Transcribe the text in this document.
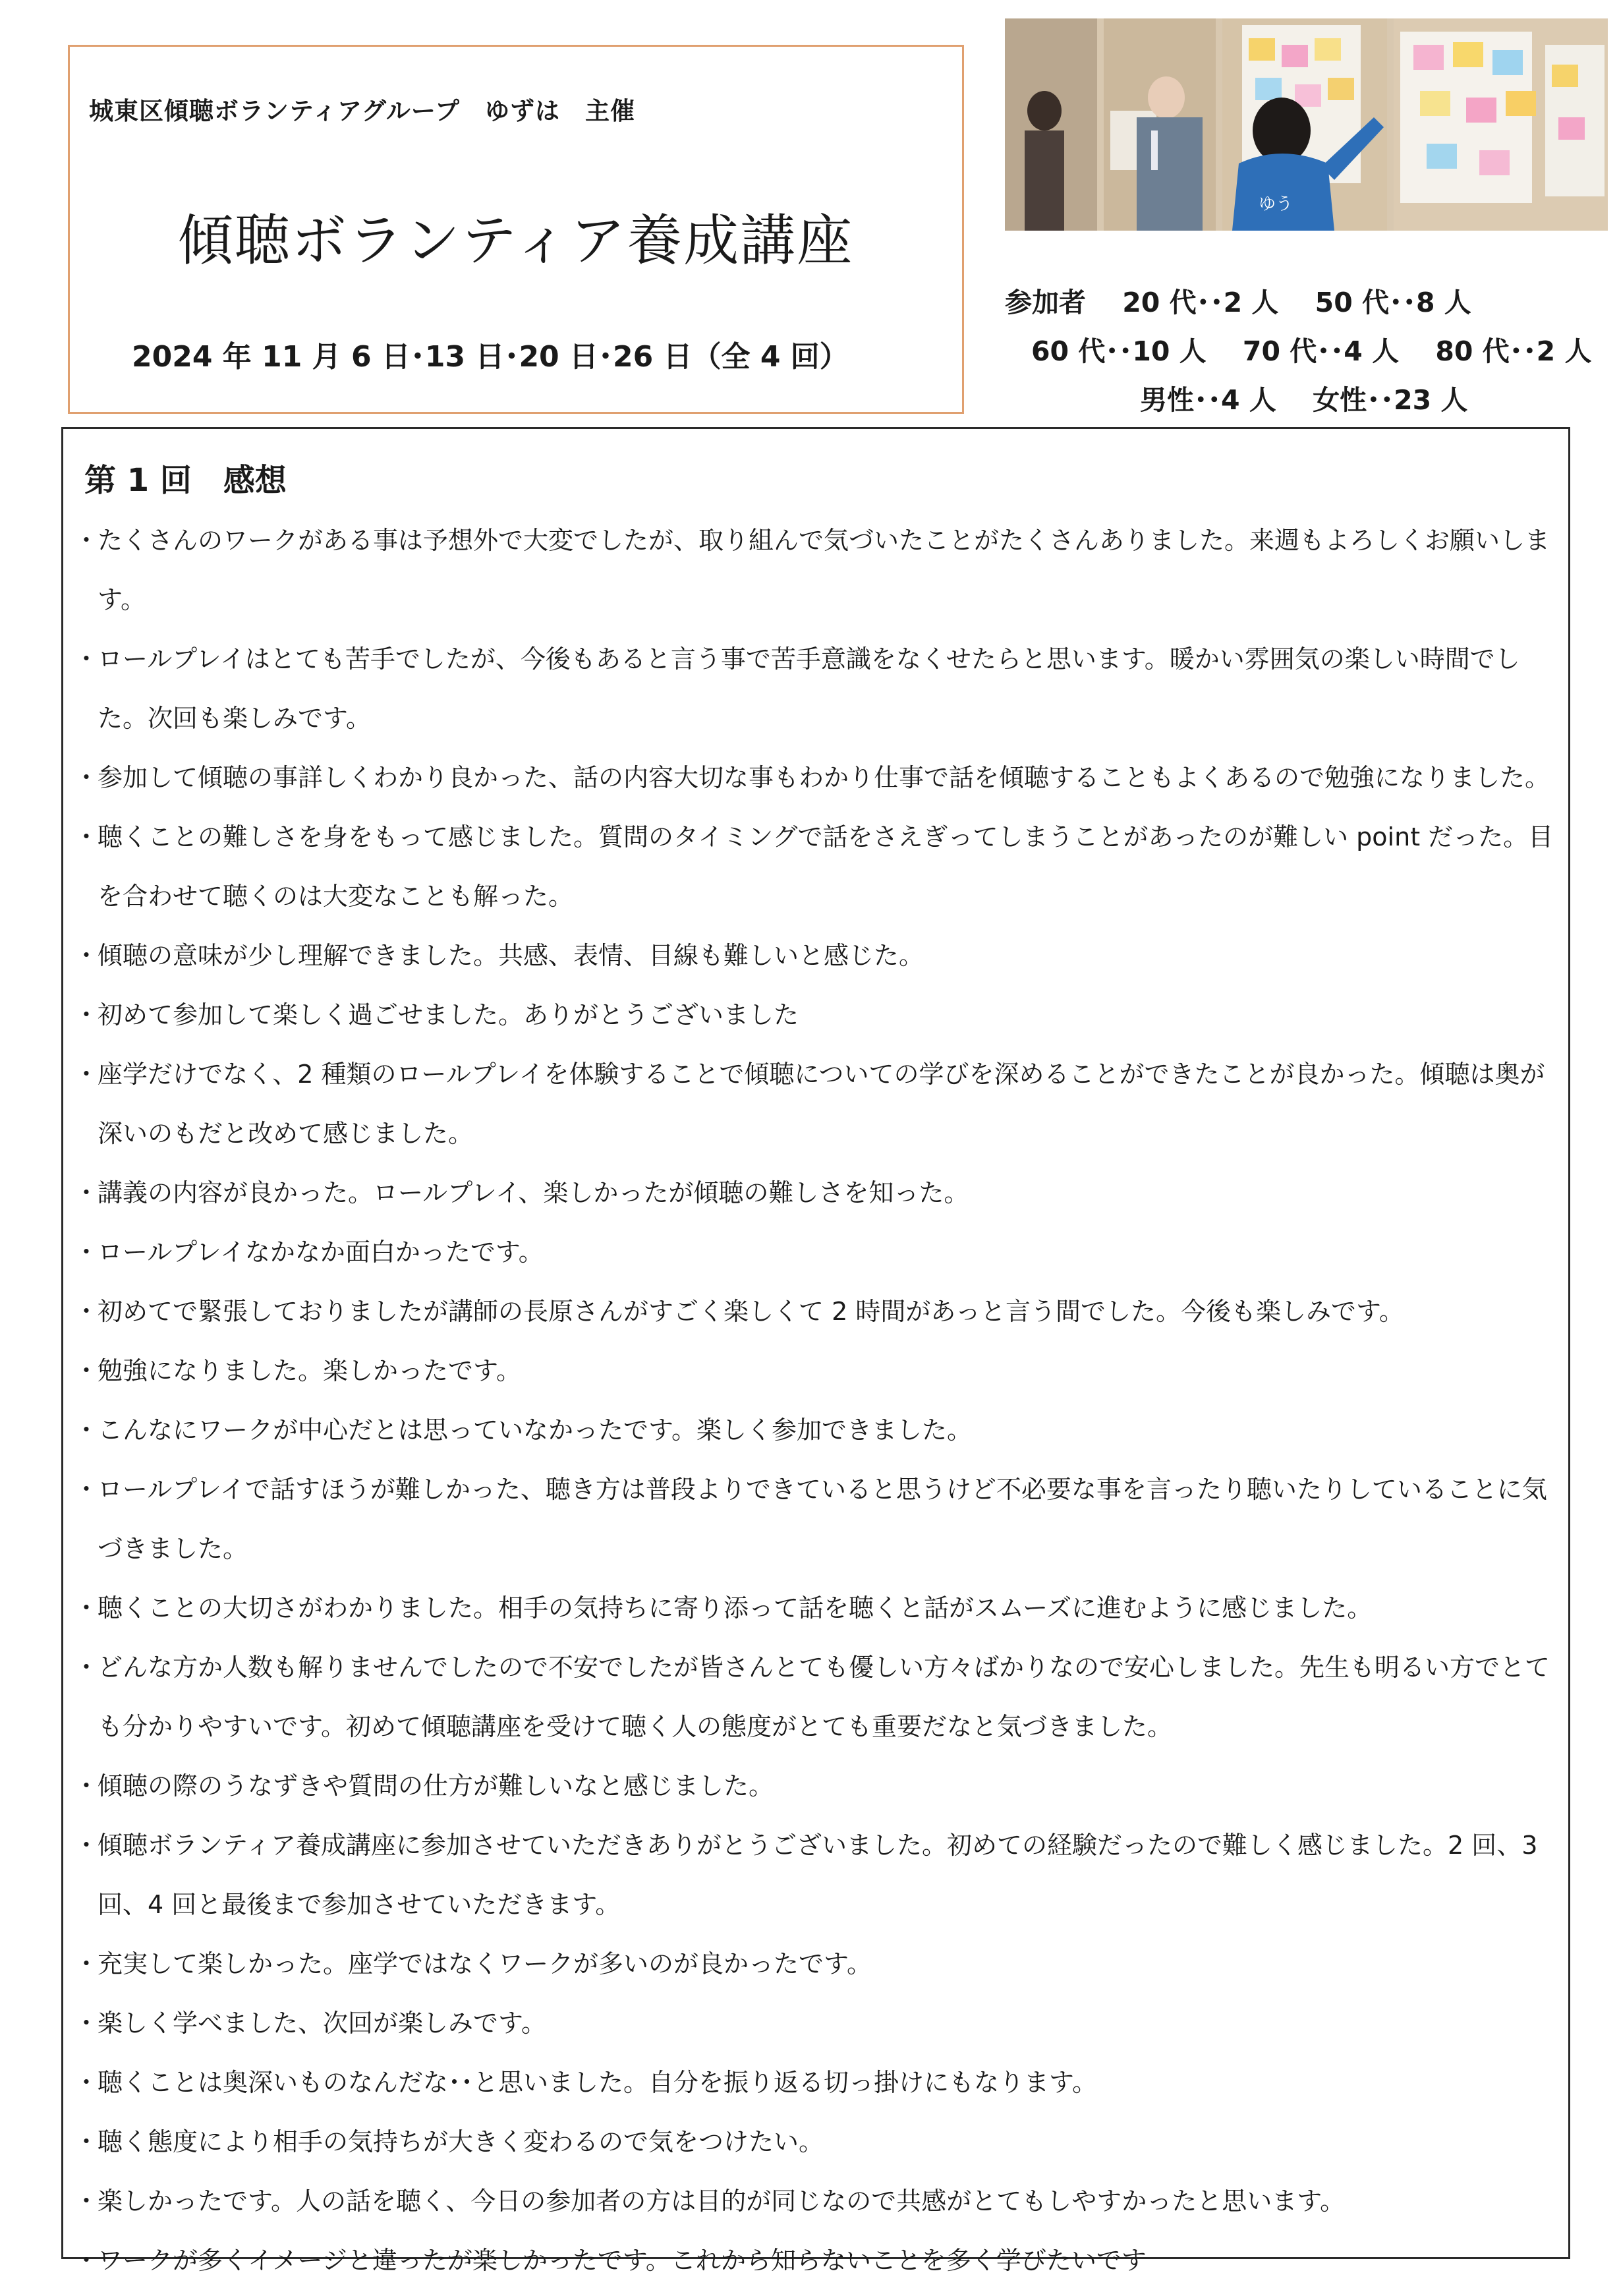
城東区傾聴ボランティアグループ　ゆずは　主催
傾聴ボランティア養成講座
2024 年 11 月 6 日･13 日･20 日･26 日（全 4 回）
ゆう
参加者　 20 代･･2 人　 50 代･･8 人
60 代･･10 人　 70 代･･4 人　 80 代･･2 人
男性･･4 人　 女性･･23 人
第 1 回　感想
・ たくさんのワークがある事は予想外で大変でしたが、取り組んで気づいたことがたくさんありました。来週もよろしくお願いします。
・ ロールプレイはとても苦手でしたが、今後もあると言う事で苦手意識をなくせたらと思います。暖かい雰囲気の楽しい時間でした。次回も楽しみです。
・ 参加して傾聴の事詳しくわかり良かった、話の内容大切な事もわかり仕事で話を傾聴することもよくあるので勉強になりました。
・ 聴くことの難しさを身をもって感じました。質問のタイミングで話をさえぎってしまうことがあったのが難しい point だった。目を合わせて聴くのは大変なことも解った。
・ 傾聴の意味が少し理解できました。共感、表情、目線も難しいと感じた。
・ 初めて参加して楽しく過ごせました。ありがとうございました
・ 座学だけでなく、2 種類のロールプレイを体験することで傾聴についての学びを深めることができたことが良かった。傾聴は奥が深いのもだと改めて感じました。
・ 講義の内容が良かった。ロールプレイ、楽しかったが傾聴の難しさを知った。
・ ロールプレイなかなか面白かったです。
・ 初めてで緊張しておりましたが講師の長原さんがすごく楽しくて 2 時間があっと言う間でした。今後も楽しみです。
・ 勉強になりました。楽しかったです。
・ こんなにワークが中心だとは思っていなかったです。楽しく参加できました。
・ ロールプレイで話すほうが難しかった、聴き方は普段よりできていると思うけど不必要な事を言ったり聴いたりしていることに気づきました。
・ 聴くことの大切さがわかりました。相手の気持ちに寄り添って話を聴くと話がスムーズに進むように感じました。
・ どんな方か人数も解りませんでしたので不安でしたが皆さんとても優しい方々ばかりなので安心しました。先生も明るい方でとても分かりやすいです。初めて傾聴講座を受けて聴く人の態度がとても重要だなと気づきました。
・ 傾聴の際のうなずきや質問の仕方が難しいなと感じました。
・ 傾聴ボランティア養成講座に参加させていただきありがとうございました。初めての経験だったので難しく感じました。2 回、3 回、4 回と最後まで参加させていただきます。
・ 充実して楽しかった。座学ではなくワークが多いのが良かったです。
・ 楽しく学べました、次回が楽しみです。
・ 聴くことは奥深いものなんだな･･と思いました。自分を振り返る切っ掛けにもなります。
・ 聴く態度により相手の気持ちが大きく変わるので気をつけたい。
・ 楽しかったです。人の話を聴く、今日の参加者の方は目的が同じなので共感がとてもしやすかったと思います。
・ ワークが多くイメージと違ったが楽しかったです。これから知らないことを多く学びたいです
